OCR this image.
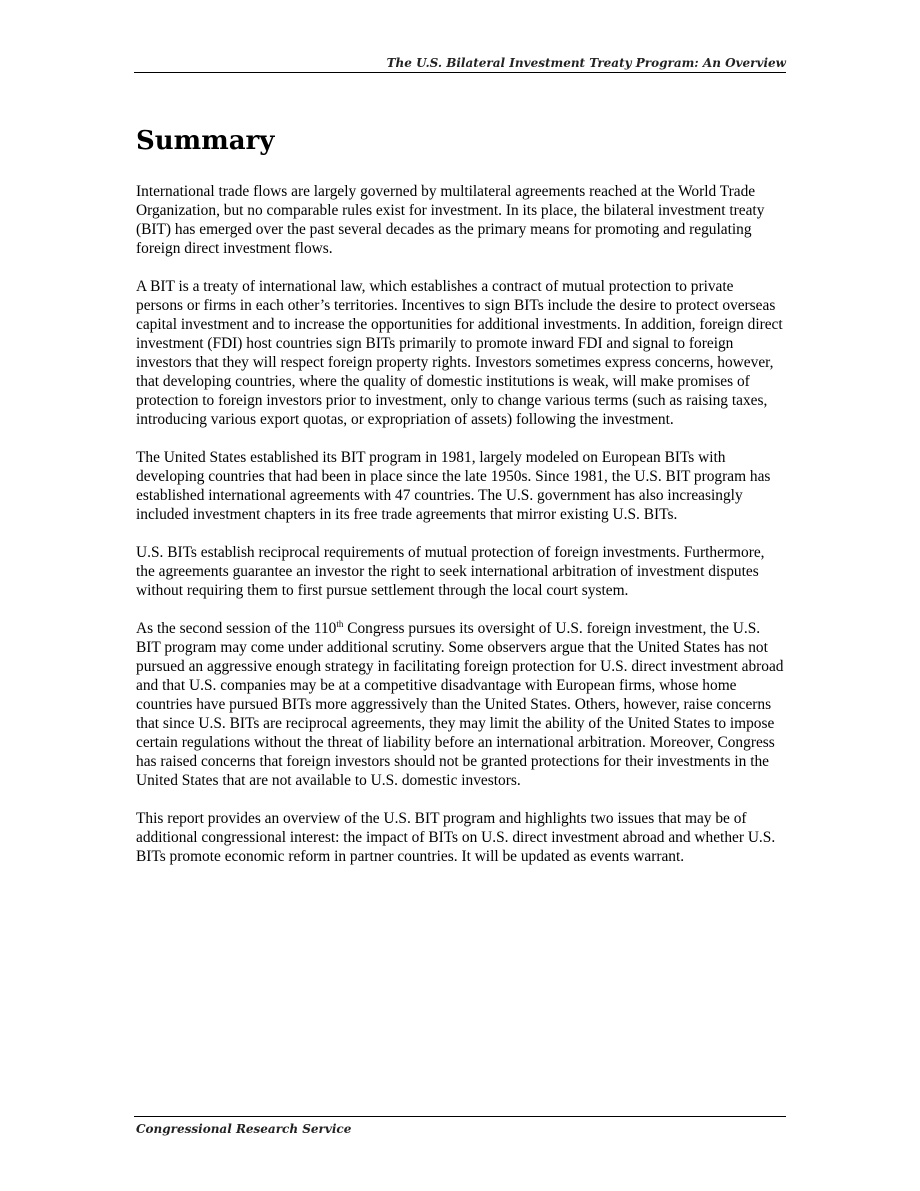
The U.S. Bilateral Investment Treaty Program: An Overview
Summary

International trade flows are largely governed by multilateral agreements reached at the World Trade Organization, but no comparable rules exist for investment. In its place, the bilateral investment treaty (BIT) has emerged over the past several decades as the primary means for promoting and regulating foreign direct investment flows.

A BIT is a treaty of international law, which establishes a contract of mutual protection to private persons or firms in each other’s territories. Incentives to sign BITs include the desire to protect overseas capital investment and to increase the opportunities for additional investments. In addition, foreign direct investment (FDI) host countries sign BITs primarily to promote inward FDI and signal to foreign investors that they will respect foreign property rights. Investors sometimes express concerns, however, that developing countries, where the quality of domestic institutions is weak, will make promises of protection to foreign investors prior to investment, only to change various terms (such as raising taxes, introducing various export quotas, or expropriation of assets) following the investment.

The United States established its BIT program in 1981, largely modeled on European BITs with developing countries that had been in place since the late 1950s. Since 1981, the U.S. BIT program has established international agreements with 47 countries. The U.S. government has also increasingly included investment chapters in its free trade agreements that mirror existing U.S. BITs.

U.S. BITs establish reciprocal requirements of mutual protection of foreign investments. Furthermore, the agreements guarantee an investor the right to seek international arbitration of investment disputes without requiring them to first pursue settlement through the local court system.

As the second session of the 110th Congress pursues its oversight of U.S. foreign investment, the U.S. BIT program may come under additional scrutiny. Some observers argue that the United States has not pursued an aggressive enough strategy in facilitating foreign protection for U.S. direct investment abroad and that U.S. companies may be at a competitive disadvantage with European firms, whose home countries have pursued BITs more aggressively than the United States. Others, however, raise concerns that since U.S. BITs are reciprocal agreements, they may limit the ability of the United States to impose certain regulations without the threat of liability before an international arbitration. Moreover, Congress has raised concerns that foreign investors should not be granted protections for their investments in the United States that are not available to U.S. domestic investors.

This report provides an overview of the U.S. BIT program and highlights two issues that may be of additional congressional interest: the impact of BITs on U.S. direct investment abroad and whether U.S. BITs promote economic reform in partner countries. It will be updated as events warrant.

Congressional Research Service
